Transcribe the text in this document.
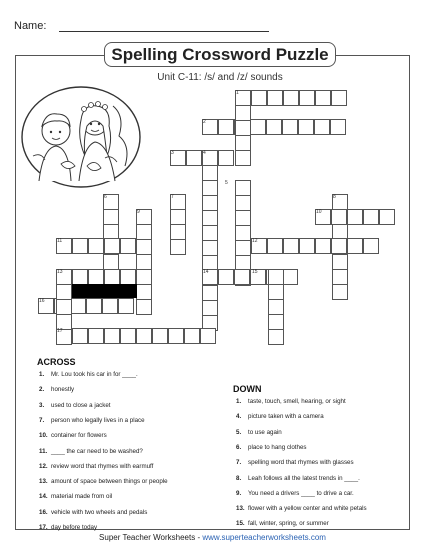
Name:
Spelling Crossword Puzzle
Unit C-11: /s/ and /z/ sounds
1
2
3	4
5
6	7	8
9	10
11	12
13	14	15
16
17
ACROSS
1. Mr. Lou took his car in for ____.
2. honestly
3. used to close a jacket
7. person who legally lives in a place
10. container for flowers
11. ____ the car need to be washed?
12. review word that rhymes with earmuff
13. amount of space between things or people
14. material made from oil
16. vehicle with two wheels and pedals
17. day before today
DOWN
1. taste, touch, smell, hearing, or sight
4. picture taken with a camera
5. to use again
6. place to hang clothes
7. spelling word that rhymes with glasses
8. Leah follows all the latest trends in ____.
9. You need a drivers ____ to drive a car.
13. flower with a yellow center and white petals
15. fall, winter, spring, or summer
Super Teacher Worksheets - www.superteacherworksheets.com
